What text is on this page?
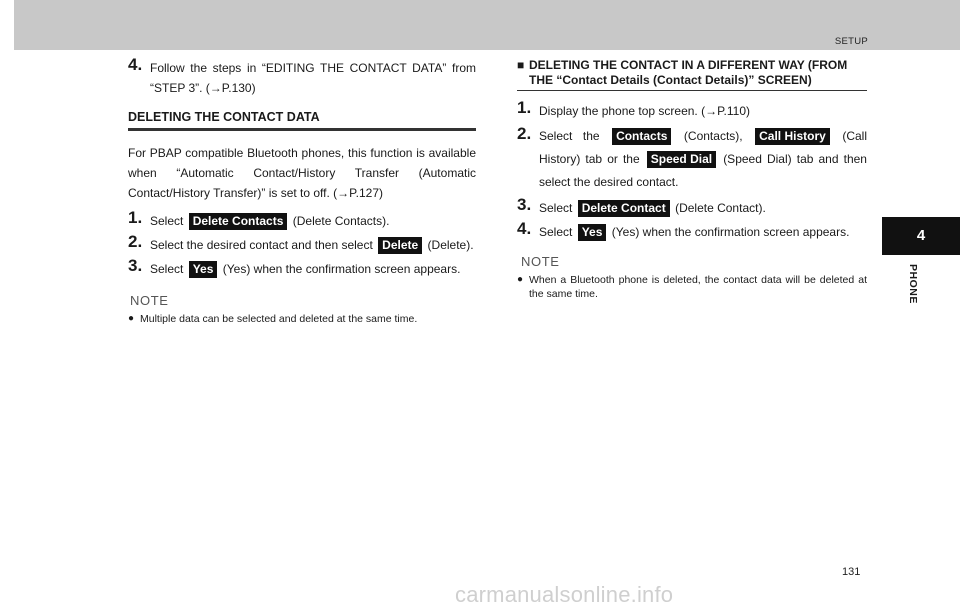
SETUP
4
PHONE

4. Follow the steps in “EDITING THE CONTACT DATA” from “STEP 3”. (→P.130)

DELETING THE CONTACT DATA

For PBAP compatible Bluetooth phones, this function is available when “Automatic Contact/History Transfer (Automatic Contact/History Transfer)” is set to off. (→P.127)

1. Select Delete Contacts (Delete Contacts).

2. Select the desired contact and then select Delete (Delete).

3. Select Yes (Yes) when the confirmation screen appears.

NOTE

● Multiple data can be selected and deleted at the same time.

■ DELETING THE CONTACT IN A DIFFERENT WAY (FROM THE “Contact Details (Contact Details)” SCREEN)

1. Display the phone top screen. (→P.110)

2. Select the Contacts (Contacts), Call History (Call History) tab or the Speed Dial (Speed Dial) tab and then select the desired contact.

3. Select Delete Contact (Delete Contact).

4. Select Yes (Yes) when the confirmation screen appears.

NOTE

● When a Bluetooth phone is deleted, the contact data will be deleted at the same time.

131
carmanualsonline.info
